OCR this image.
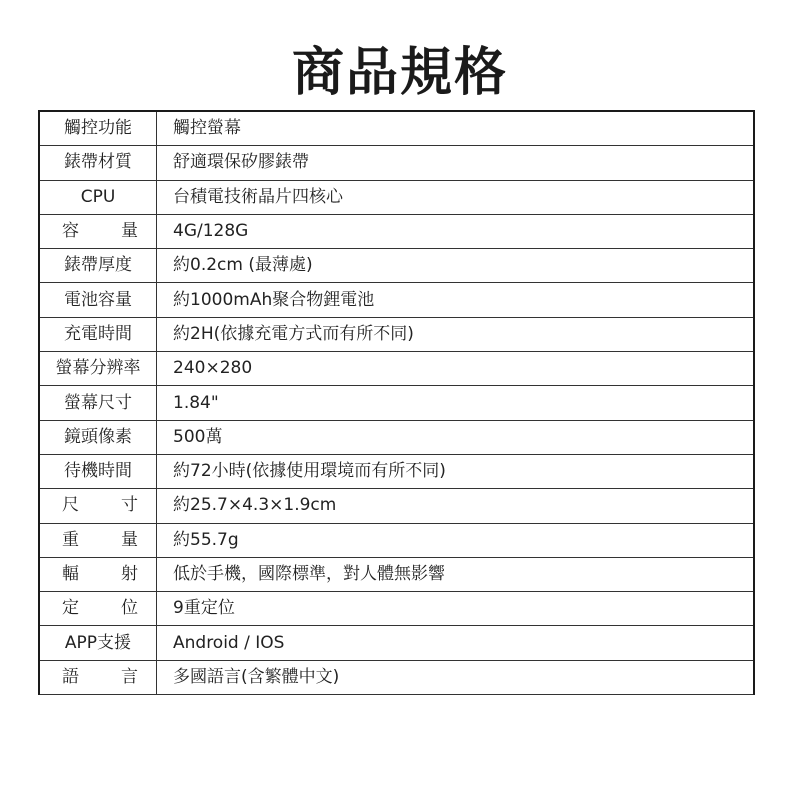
商品規格
觸控功能	觸控螢幕
錶帶材質	舒適環保矽膠錶帶
CPU	台積電技術晶片四核心
容　量	4G/128G
錶帶厚度	約0.2cm (最薄處)
電池容量	約1000mAh聚合物鋰電池
充電時間	約2H(依據充電方式而有所不同)
螢幕分辨率	240×280
螢幕尺寸	1.84"
鏡頭像素	500萬
待機時間	約72小時(依據使用環境而有所不同)
尺　寸	約25.7×4.3×1.9cm
重　量	約55.7g
輻　射	低於手機，國際標準，對人體無影響
定　位	9重定位
APP支援	Android / IOS
語　言	多國語言(含繁體中文)
